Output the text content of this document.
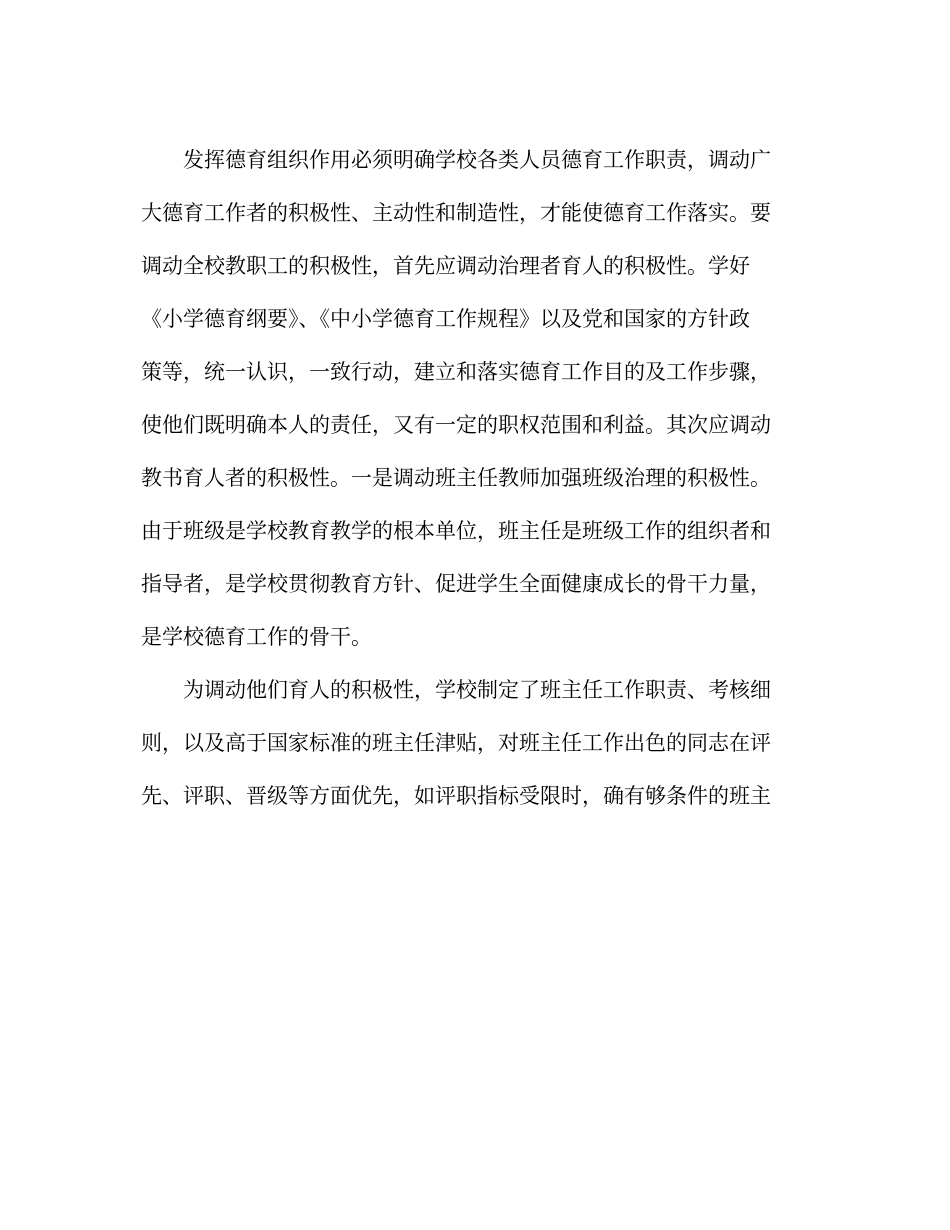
发挥德育组织作用必须明确学校各类人员德育工作职责，调动广
大德育工作者的积极性、主动性和制造性，才能使德育工作落实。要
调动全校教职工的积极性，首先应调动治理者育人的积极性。学好
《小学德育纲要》、《中小学德育工作规程》以及党和国家的方针政
策等，统一认识，一致行动，建立和落实德育工作目的及工作步骤，
使他们既明确本人的责任，又有一定的职权范围和利益。其次应调动
教书育人者的积极性。一是调动班主任教师加强班级治理的积极性。
由于班级是学校教育教学的根本单位，班主任是班级工作的组织者和
指导者，是学校贯彻教育方针、促进学生全面健康成长的骨干力量，
是学校德育工作的骨干。
为调动他们育人的积极性，学校制定了班主任工作职责、考核细
则，以及高于国家标准的班主任津贴，对班主任工作出色的同志在评
先、评职、晋级等方面优先，如评职指标受限时，确有够条件的班主
